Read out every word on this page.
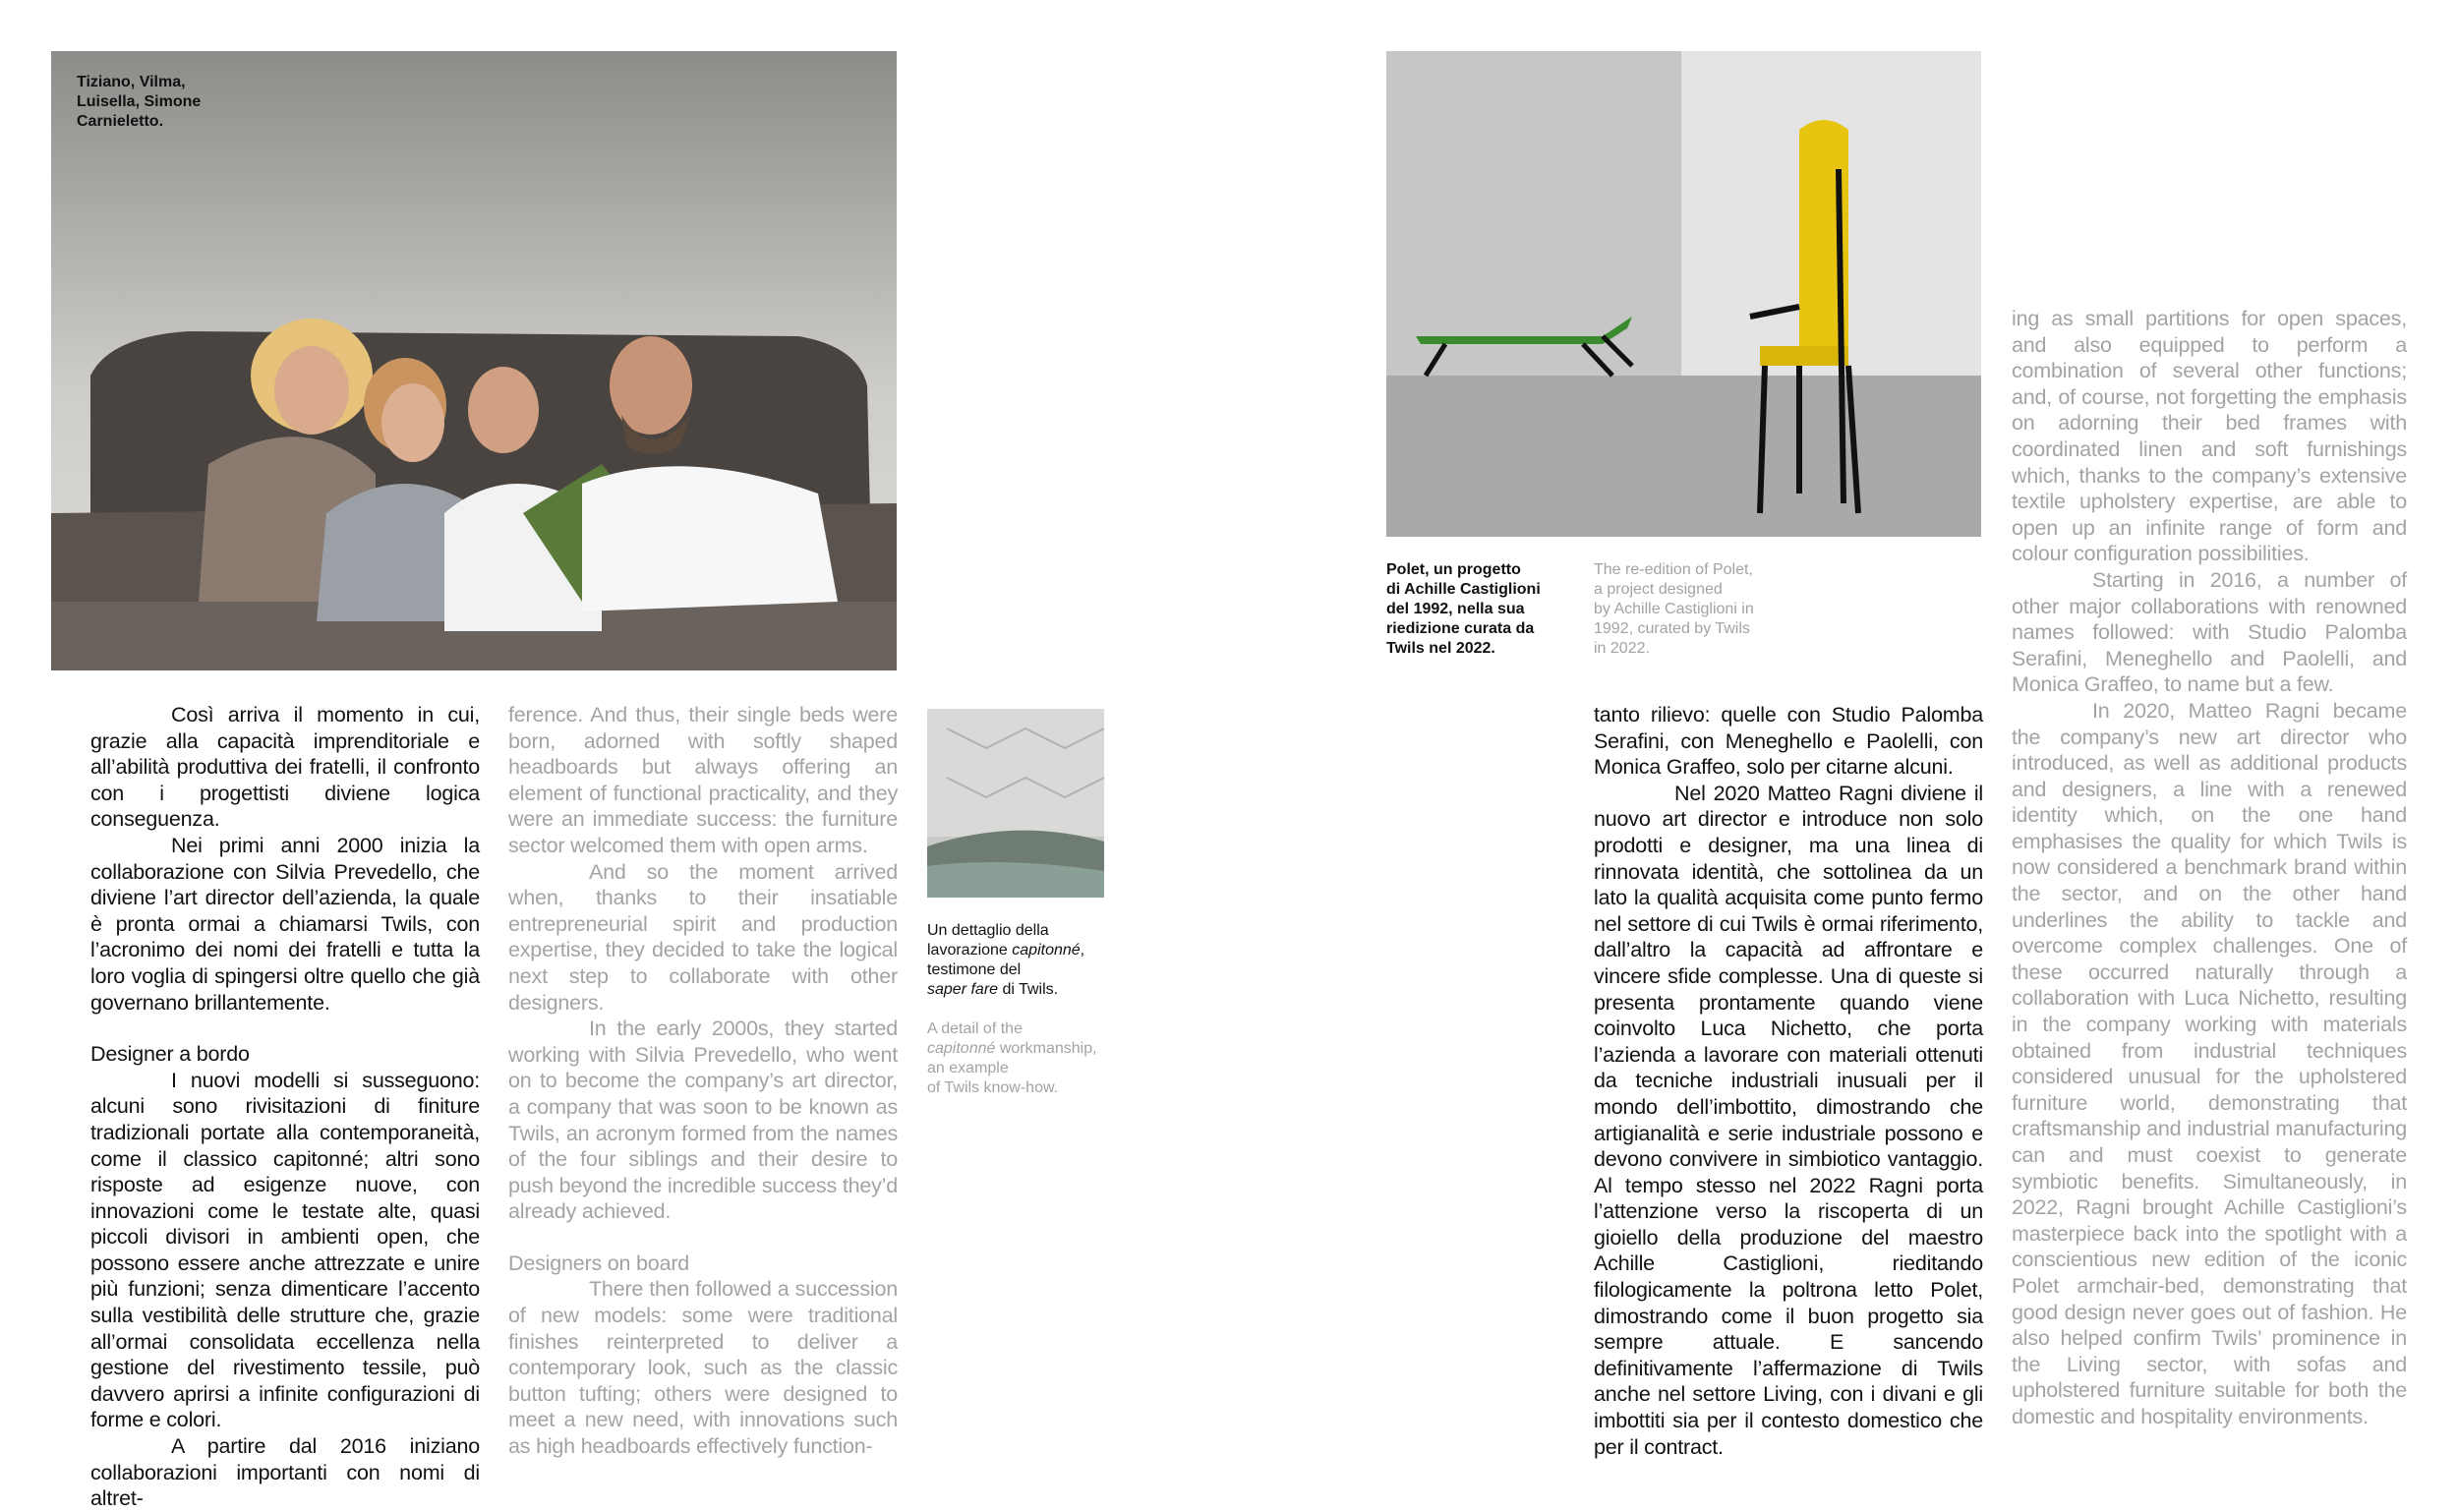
Tiziano, Vilma,
Luisella, Simone
Carnieletto.

Così arriva il momento in cui, grazie alla capacità imprenditoriale e all’abilità produttiva dei fratelli, il confronto con i progettisti diviene logica conseguenza.

Nei primi anni 2000 inizia la collaborazione con Silvia Prevedello, che diviene l’art director dell’azienda, la quale è pronta ormai a chiamarsi Twils, con l’acronimo dei nomi dei fratelli e tutta la loro voglia di spingersi oltre quello che già governano brillantemente.

Designer a bordo

I nuovi modelli si susseguono: alcuni sono rivisitazioni di finiture tradizionali portate alla contemporaneità, come il classico capitonné; altri sono risposte ad esigenze nuove, con innovazioni come le testate alte, quasi piccoli divisori in ambienti open, che possono essere anche attrezzate e unire più funzioni; senza dimenticare l’accento sulla vestibilità delle strutture che, grazie all’ormai consolidata eccellenza nella gestione del rivestimento tessile, può davvero aprirsi a infinite configurazioni di forme e colori.

A partire dal 2016 iniziano collaborazioni importanti con nomi di altret-

ference. And thus, their single beds were born, adorned with softly shaped headboards but always offering an element of functional practicality, and they were an immediate success: the furniture sector welcomed them with open arms.

And so the moment arrived when, thanks to their insatiable entrepreneurial spirit and production expertise, they decided to take the logical next step to collaborate with other designers.

In the early 2000s, they started working with Silvia Prevedello, who went on to become the company’s art director, a company that was soon to be known as Twils, an acronym formed from the names of the four siblings and their desire to push beyond the incredible success they’d already achieved.

Designers on board

There then followed a succession of new models: some were traditional finishes reinterpreted to deliver a contemporary look, such as the classic button tufting; others were designed to meet a new need, with innovations such as high headboards effectively function-

Un dettaglio della
lavorazione capitonné,
testimone del
saper fare di Twils.
A detail of the
capitonné workmanship,
an example
of Twils know-how.
Polet, un progetto
di Achille Castiglioni
del 1992, nella sua
riedizione curata da
Twils nel 2022.
The re-edition of Polet,
a project designed
by Achille Castiglioni in
1992, curated by Twils
in 2022.

tanto rilievo: quelle con Studio Palomba Serafini, con Meneghello e Paolelli, con Monica Graffeo, solo per citarne alcuni.

Nel 2020 Matteo Ragni diviene il nuovo art director e introduce non solo prodotti e designer, ma una linea di rinnovata identità, che sottolinea da un lato la qualità acquisita come punto fermo nel settore di cui Twils è ormai riferimento, dall’altro la capacità ad affrontare e vincere sfide complesse. Una di queste si presenta prontamente quando viene coinvolto Luca Nichetto, che porta l’azienda a lavorare con materiali ottenuti da tecniche industriali inusuali per il mondo dell’imbottito, dimostrando che artigianalità e serie industriale possono e devono convivere in simbiotico vantaggio. Al tempo stesso nel 2022 Ragni porta l’attenzione verso la riscoperta di un gioiello della produzione del maestro Achille Castiglioni, rieditando filologicamente la poltrona letto Polet, dimostrando come il buon progetto sia sempre attuale. E sancendo definitivamente l’affermazione di Twils anche nel settore Living, con i divani e gli imbottiti sia per il contesto domestico che per il contract.

ing as small partitions for open spaces, and also equipped to perform a combination of several other functions; and, of course, not forgetting the emphasis on adorning their bed frames with coordinated linen and soft furnishings which, thanks to the company’s extensive textile upholstery expertise, are able to open up an infinite range of form and colour configuration possibilities.

Starting in 2016, a number of other major collaborations with renowned names followed: with Studio Palomba Serafini, Meneghello and Paolelli, and Monica Graffeo, to name but a few.

In 2020, Matteo Ragni became the company’s new art director who introduced, as well as additional products and designers, a line with a renewed identity which, on the one hand emphasises the quality for which Twils is now considered a benchmark brand within the sector, and on the other hand underlines the ability to tackle and overcome complex challenges. One of these occurred naturally through a collaboration with Luca Nichetto, resulting in the company working with materials obtained from industrial techniques considered unusual for the upholstered furniture world, demonstrating that craftsmanship and industrial manufacturing can and must coexist to generate symbiotic benefits. Simultaneously, in 2022, Ragni brought Achille Castiglioni’s masterpiece back into the spotlight with a conscientious new edition of the iconic Polet armchair-bed, demonstrating that good design never goes out of fashion. He also helped confirm Twils’ prominence in the Living sector, with sofas and upholstered furniture suitable for both the domestic and hospitality environments.
